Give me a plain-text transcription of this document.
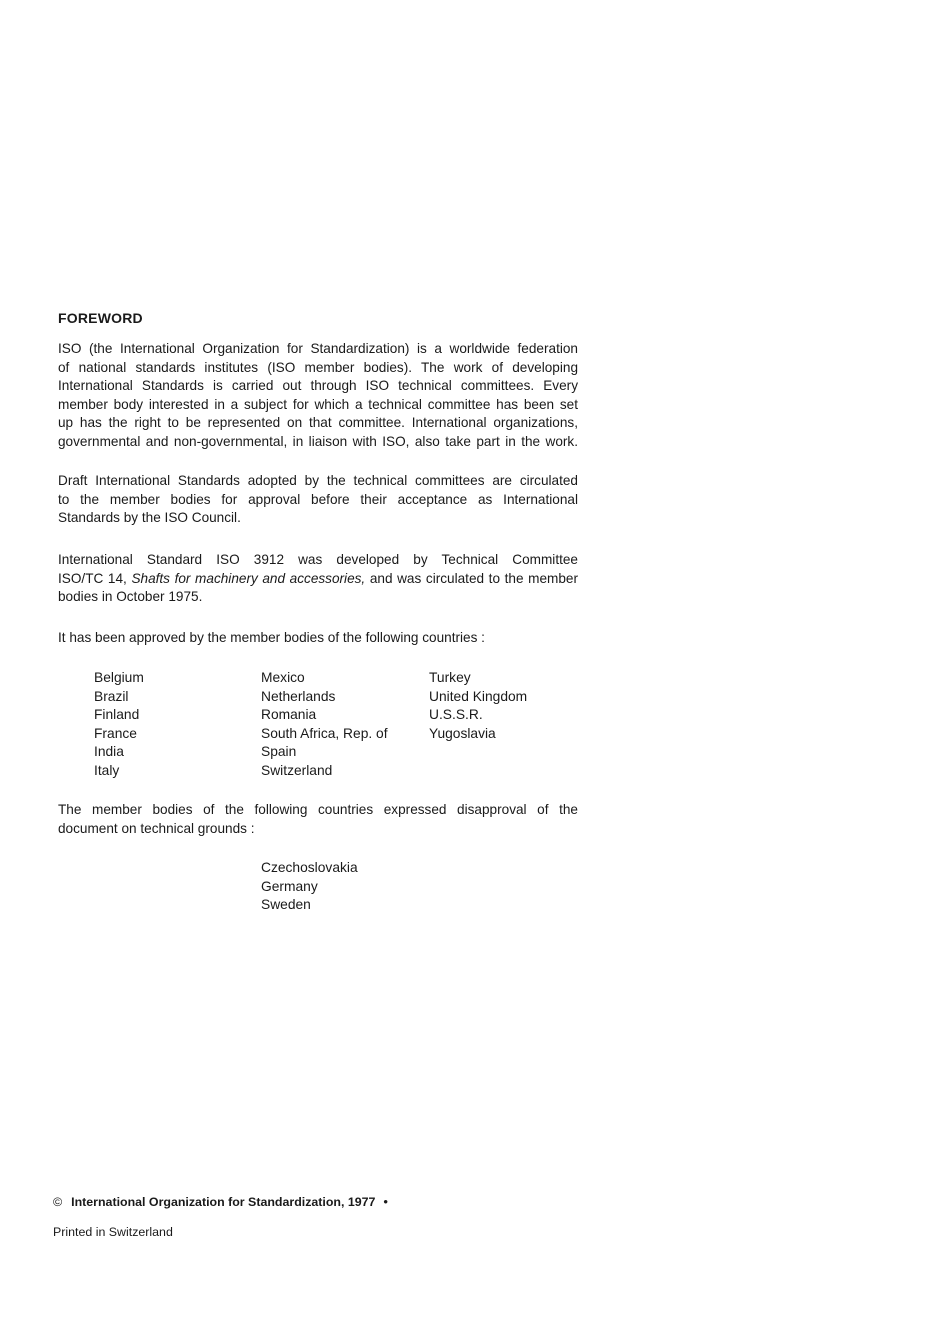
FOREWORD

ISO (the International Organization for Standardization) is a worldwide federation
of national standards institutes (ISO member bodies). The work of developing
International Standards is carried out through ISO technical committees. Every
member body interested in a subject for which a technical committee has been set
up has the right to be represented on that committee. International organizations,
governmental and non-governmental, in liaison with ISO, also take part in the work.

Draft International Standards adopted by the technical committees are circulated
to the member bodies for approval before their acceptance as International
Standards by the ISO Council.

International Standard ISO 3912 was developed by Technical Committee
ISO/TC 14, Shafts for machinery and accessories, and was circulated to the member
bodies in October 1975.

It has been approved by the member bodies of the following countries :

Belgium
Brazil
Finland
France
India
Italy
Mexico
Netherlands
Romania
South Africa, Rep. of
Spain
Switzerland
Turkey
United Kingdom
U.S.S.R.
Yugoslavia

The member bodies of the following countries expressed disapproval of the
document on technical grounds :

Czechoslovakia
Germany
Sweden
© International Organization for Standardization, 1977 •
Printed in Switzerland
